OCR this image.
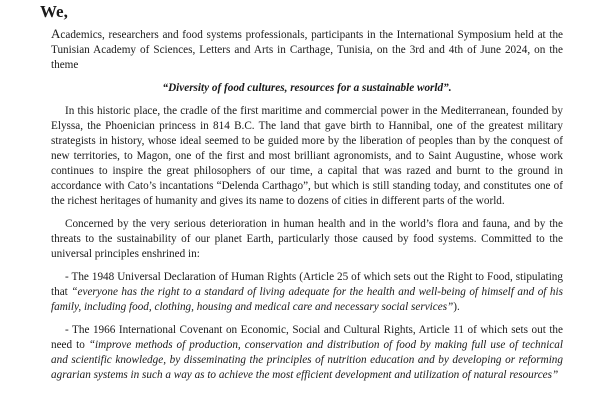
We,

Academics, researchers and food systems professionals, participants in the International Symposium held at the Tunisian Academy of Sciences, Letters and Arts in Carthage, Tunisia, on the 3rd and 4th of June 2024, on the theme

“Diversity of food cultures, resources for a sustainable world”.

In this historic place, the cradle of the first maritime and commercial power in the Mediterranean, founded by Elyssa, the Phoenician princess in 814 B.C. The land that gave birth to Hannibal, one of the greatest military strategists in history, whose ideal seemed to be guided more by the liberation of peoples than by the conquest of new territories, to Magon, one of the first and most brilliant agronomists, and to Saint Augustine, whose work continues to inspire the great philosophers of our time, a capital that was razed and burnt to the ground in accordance with Cato’s incantations “Delenda Carthago”, but which is still standing today, and constitutes one of the richest heritages of humanity and gives its name to dozens of cities in different parts of the world.

Concerned by the very serious deterioration in human health and in the world’s flora and fauna, and by the threats to the sustainability of our planet Earth, particularly those caused by food systems. Committed to the universal principles enshrined in:

- The 1948 Universal Declaration of Human Rights (Article 25 of which sets out the Right to Food, stipulating that “everyone has the right to a standard of living adequate for the health and well-being of himself and of his family, including food, clothing, housing and medical care and necessary social services”).

- The 1966 International Covenant on Economic, Social and Cultural Rights, Article 11 of which sets out the need to “improve methods of production, conservation and distribution of food by making full use of technical and scientific knowledge, by disseminating the principles of nutrition education and by developing or reforming agrarian systems in such a way as to achieve the most efficient development and utilization of natural resources”
